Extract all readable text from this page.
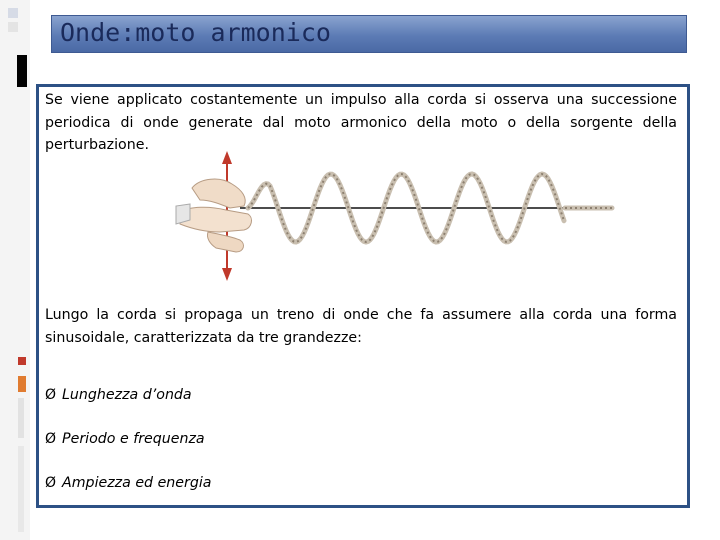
Onde:moto armonico
Se viene applicato costantemente un impulso alla corda si osserva una successione periodica di onde generate dal moto armonico della moto o della sorgente della perturbazione.
Lungo la corda si propaga un treno di onde che fa assumere alla corda una forma sinusoidale, caratterizzata da tre grandezze:
Ø Lunghezza d’onda
Ø Periodo e frequenza
Ø Ampiezza ed energia
